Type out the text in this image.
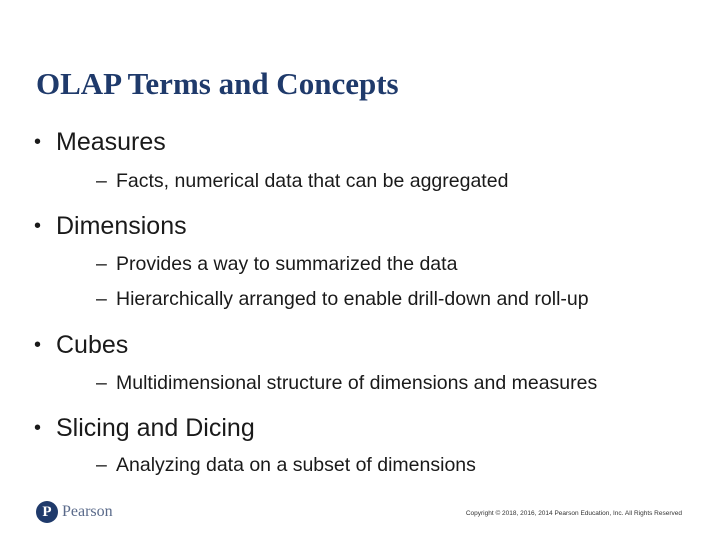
OLAP Terms and Concepts
• Measures
– Facts, numerical data that can be aggregated
• Dimensions
– Provides a way to summarized the data
– Hierarchically arranged to enable drill-down and roll-up
• Cubes
– Multidimensional structure of dimensions and measures
• Slicing and Dicing
– Analyzing data on a subset of dimensions
P Pearson	Copyright © 2018, 2016, 2014 Pearson Education, Inc. All Rights Reserved
